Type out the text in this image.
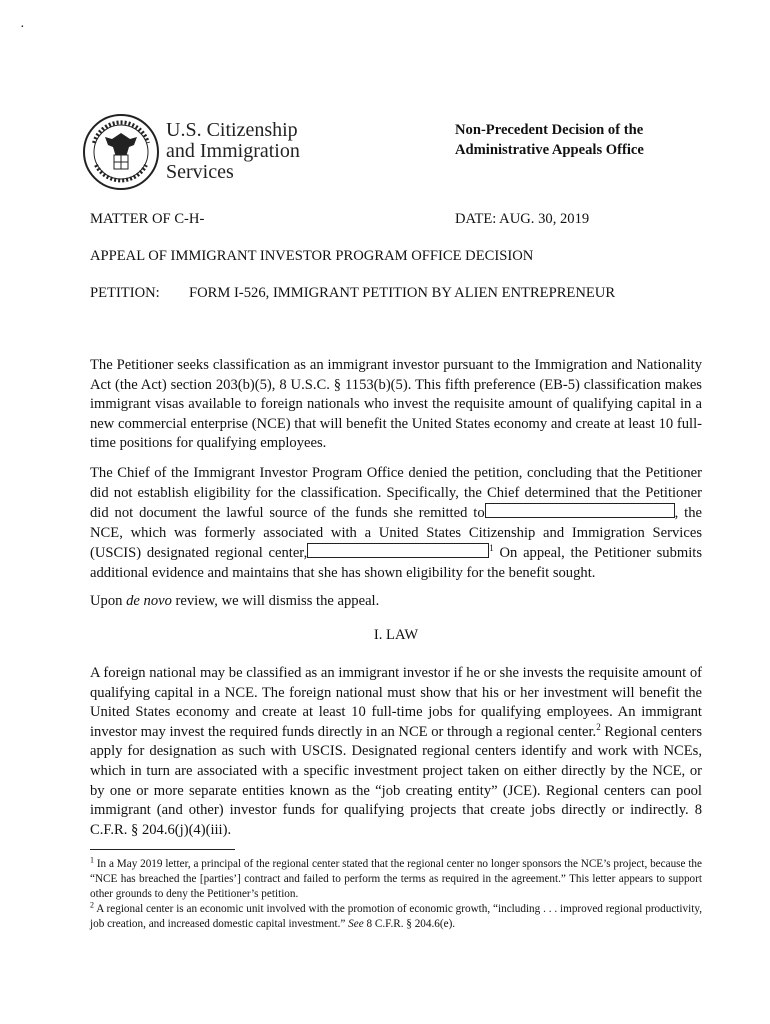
·
U.S. Citizenship
and Immigration
Services
Non-Precedent Decision of the
Administrative Appeals Office
MATTER OF C-H-	DATE: AUG. 30, 2019
APPEAL OF IMMIGRANT INVESTOR PROGRAM OFFICE DECISION
PETITION: FORM I-526, IMMIGRANT PETITION BY ALIEN ENTREPRENEUR

The Petitioner seeks classification as an immigrant investor pursuant to the Immigration and Nationality Act (the Act) section 203(b)(5), 8 U.S.C. § 1153(b)(5). This fifth preference (EB-5) classification makes immigrant visas available to foreign nationals who invest the requisite amount of qualifying capital in a new commercial enterprise (NCE) that will benefit the United States economy and create at least 10 full-time positions for qualifying employees.

The Chief of the Immigrant Investor Program Office denied the petition, concluding that the Petitioner did not establish eligibility for the classification. Specifically, the Chief determined that the Petitioner did not document the lawful source of the funds she remitted to	, the NCE, which was formerly associated with a United States Citizenship and Immigration Services (USCIS) designated regional center,	$^1$ On appeal, the Petitioner submits additional evidence and maintains that she has shown eligibility for the benefit sought.

Upon de novo review, we will dismiss the appeal.

I. LAW

A foreign national may be classified as an immigrant investor if he or she invests the requisite amount of qualifying capital in a NCE. The foreign national must show that his or her investment will benefit the United States economy and create at least 10 full-time jobs for qualifying employees. An immigrant investor may invest the required funds directly in an NCE or through a regional center.$^2$ Regional centers apply for designation as such with USCIS. Designated regional centers identify and work with NCEs, which in turn are associated with a specific investment project taken on either directly by the NCE, or by one or more separate entities known as the “job creating entity” (JCE). Regional centers can pool immigrant (and other) investor funds for qualifying projects that create jobs directly or indirectly. 8 C.F.R. § 204.6(j)(4)(iii).

$^1$ In a May 2019 letter, a principal of the regional center stated that the regional center no longer sponsors the NCE’s project, because the “NCE has breached the [parties’] contract and failed to perform the terms as required in the agreement.” This letter appears to support other grounds to deny the Petitioner’s petition.

$^2$ A regional center is an economic unit involved with the promotion of economic growth, “including . . . improved regional productivity, job creation, and increased domestic capital investment.” See 8 C.F.R. § 204.6(e).
